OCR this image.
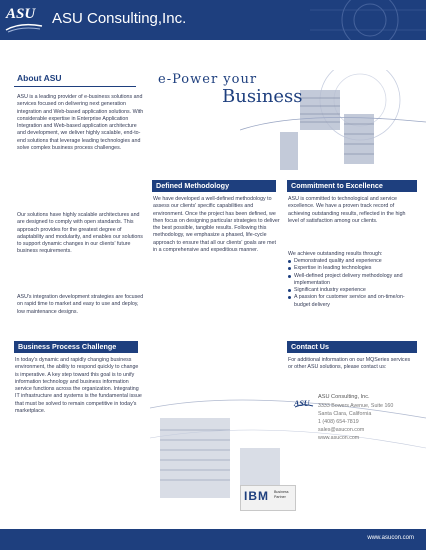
ASU ASU Consulting,Inc.
e-Power your
Business
About ASU
ASU is a leading provider of e-business solutions and services focused on delivering next generation integration and Web-based application solutions. With considerable expertise in Enterprise Application Integration and Web-based application architecture and development, we deliver highly scalable, end-to-end solutions that leverage leading technologies and solve complex business process challenges.
Our solutions have highly scalable architectures and are designed to comply with open standards. This approach provides for the greatest degree of adaptability and modularity, and enables our solutions to support dynamic changes in our clients' future business requirements.
ASU's integration development strategies are focused on rapid time to market and easy to use and deploy, low maintenance designs.
Defined Methodology
We have developed a well-defined methodology to assess our clients' specific capabilities and environment. Once the project has been defined, we then focus on designing particular strategies to deliver the best possible, tangible results. Following this methodology, we emphasize a phased, life-cycle approach to ensure that all our clients' goals are met in a comprehensive and expeditious manner.
Commitment to Excellence
ASU is committed to technological and service excellence. We have a proven track record of achieving outstanding results, reflected in the high level of satisfaction among our clients.
We achieve outstanding results through:
Demonstrated quality and experience
Expertise in leading technologies
Well-defined project delivery methodology and implementation
Significant industry experience
A passion for customer service and on-time/on-budget delivery
Business Process Challenge
In today's dynamic and rapidly changing business environment, the ability to respond quickly to change is imperative. A key step toward this goal is to unify information technology and business information service functions across the organization. Integrating IT infrastructure and systems is the fundamental issue that must be solved to remain competitive in today's marketplace.
Contact Us
For additional information on our MQSeries services or other ASU solutions, please contact us:
ASU
ASU Consulting, Inc.
3333 Bowers Avenue, Suite 160
Santa Clara, California
1 (408) 654-7819
sales@asucon.com
www.asucon.com
IBM Business Partner
www.asucon.com
